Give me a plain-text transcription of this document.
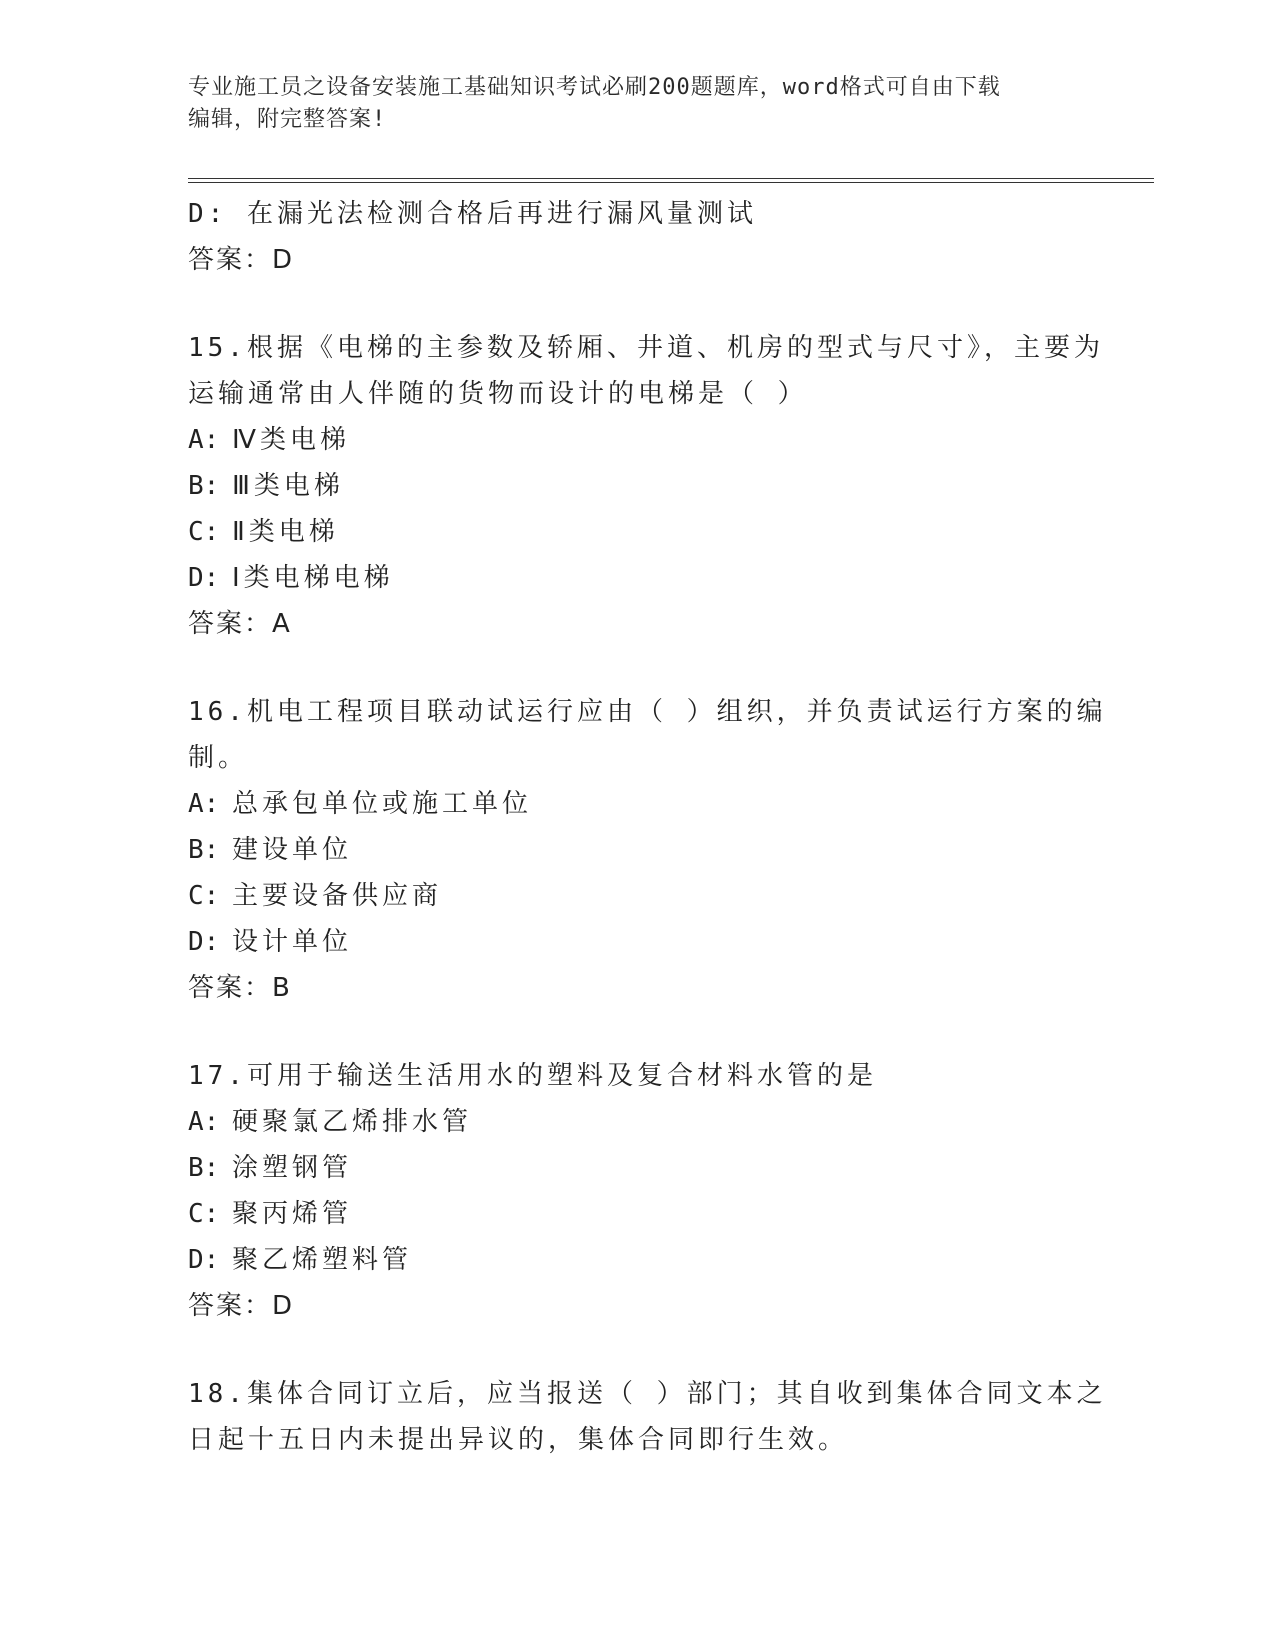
专业施工员之设备安装施工基础知识考试必刷200题题库，word格式可自由下载
编辑，附完整答案!
D: 在漏光法检测合格后再进行漏风量测试
答案：D
15.根据《电梯的主参数及轿厢、井道、机房的型式与尺寸》，主要为
运输通常由人伴随的货物而设计的电梯是（ ）
A: Ⅳ类电梯
B: Ⅲ类电梯
C: Ⅱ类电梯
D: Ⅰ类电梯电梯
答案：A
16.机电工程项目联动试运行应由（ ）组织，并负责试运行方案的编
制。
A: 总承包单位或施工单位
B: 建设单位
C: 主要设备供应商
D: 设计单位
答案：B
17.可用于输送生活用水的塑料及复合材料水管的是
A: 硬聚氯乙烯排水管
B: 涂塑钢管
C: 聚丙烯管
D: 聚乙烯塑料管
答案：D
18.集体合同订立后，应当报送（ ）部门；其自收到集体合同文本之
日起十五日内未提出异议的，集体合同即行生效。
